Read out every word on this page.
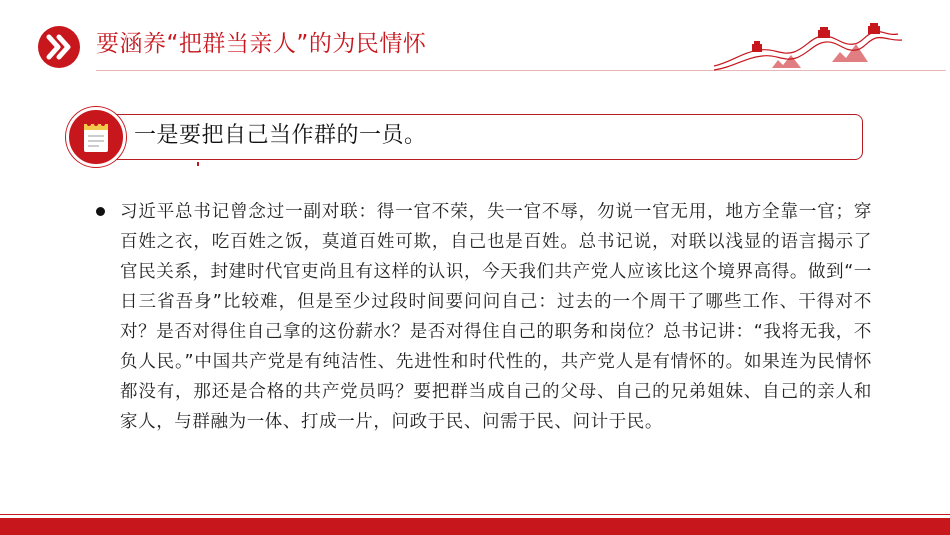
要涵养“把群当亲人”的为民情怀
一是要把自己当作群的一员。
习近平总书记曾念过一副对联：得一官不荣，失一官不辱，勿说一官无用，地方全靠一官；穿百姓之衣，吃百姓之饭，莫道百姓可欺，自己也是百姓。总书记说，对联以浅显的语言揭示了官民关系，封建时代官吏尚且有这样的认识，今天我们共产党人应该比这个境界高得。做到“一日三省吾身”比较难，但是至少过段时间要问问自己：过去的一个周干了哪些工作、干得对不对？是否对得住自己拿的这份薪水？是否对得住自己的职务和岗位？总书记讲：“我将无我，不负人民。”中国共产党是有纯洁性、先进性和时代性的，共产党人是有情怀的。如果连为民情怀都没有，那还是合格的共产党员吗？要把群当成自己的父母、自己的兄弟姐妹、自己的亲人和家人，与群融为一体、打成一片，问政于民、问需于民、问计于民。
